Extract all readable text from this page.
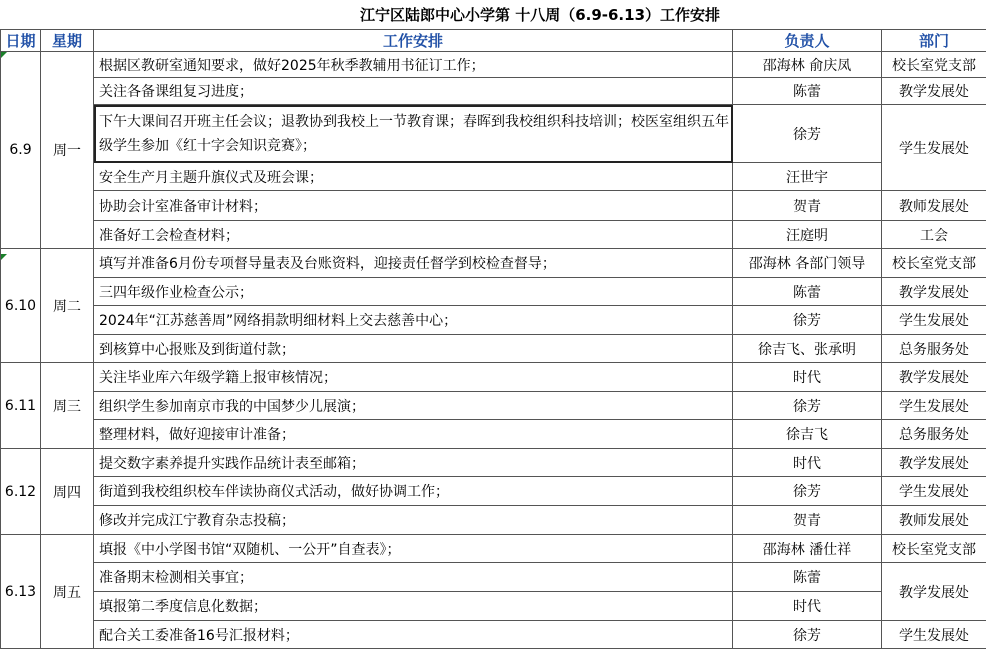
		江宁区陆郎中心小学第 十八周（6.9-6.13）工作安排		
日期	星期	工作安排	负责人	部门
6.9	周一	根据区教研室通知要求，做好2025年秋季教辅用书征订工作；	邵海林 俞庆凤	校长室党支部
		关注各备课组复习进度；	陈蕾	教学发展处
		下午大课间召开班主任会议；退教协到我校上一节教育课；春晖到我校组织科技培训；校医室组织五年级学生参加《红十字会知识竞赛》；	徐芳	学生发展处
		安全生产月主题升旗仪式及班会课；	汪世宇	
		协助会计室准备审计材料；	贺青	教师发展处
		准备好工会检查材料；	汪庭明	工会
6.10	周二	填写并准备6月份专项督导量表及台账资料，迎接责任督学到校检查督导；	邵海林 各部门领导	校长室党支部
		三四年级作业检查公示；	陈蕾	教学发展处
		2024年“江苏慈善周”网络捐款明细材料上交去慈善中心；	徐芳	学生发展处
		到核算中心报账及到街道付款；	徐吉飞、张承明	总务服务处
6.11	周三	关注毕业库六年级学籍上报审核情况；	时代	教学发展处
		组织学生参加南京市我的中国梦少儿展演；	徐芳	学生发展处
		整理材料，做好迎接审计准备；	徐吉飞	总务服务处
6.12	周四	提交数字素养提升实践作品统计表至邮箱；	时代	教学发展处
		街道到我校组织校车伴读协商仪式活动，做好协调工作；	徐芳	学生发展处
		修改并完成江宁教育杂志投稿；	贺青	教师发展处
6.13	周五	填报《中小学图书馆“双随机、一公开”自查表》；	邵海林 潘仕祥	校长室党支部
		准备期末检测相关事宜；	陈蕾	教学发展处
		填报第二季度信息化数据；	时代	
		配合关工委准备16号汇报材料；	徐芳	学生发展处
